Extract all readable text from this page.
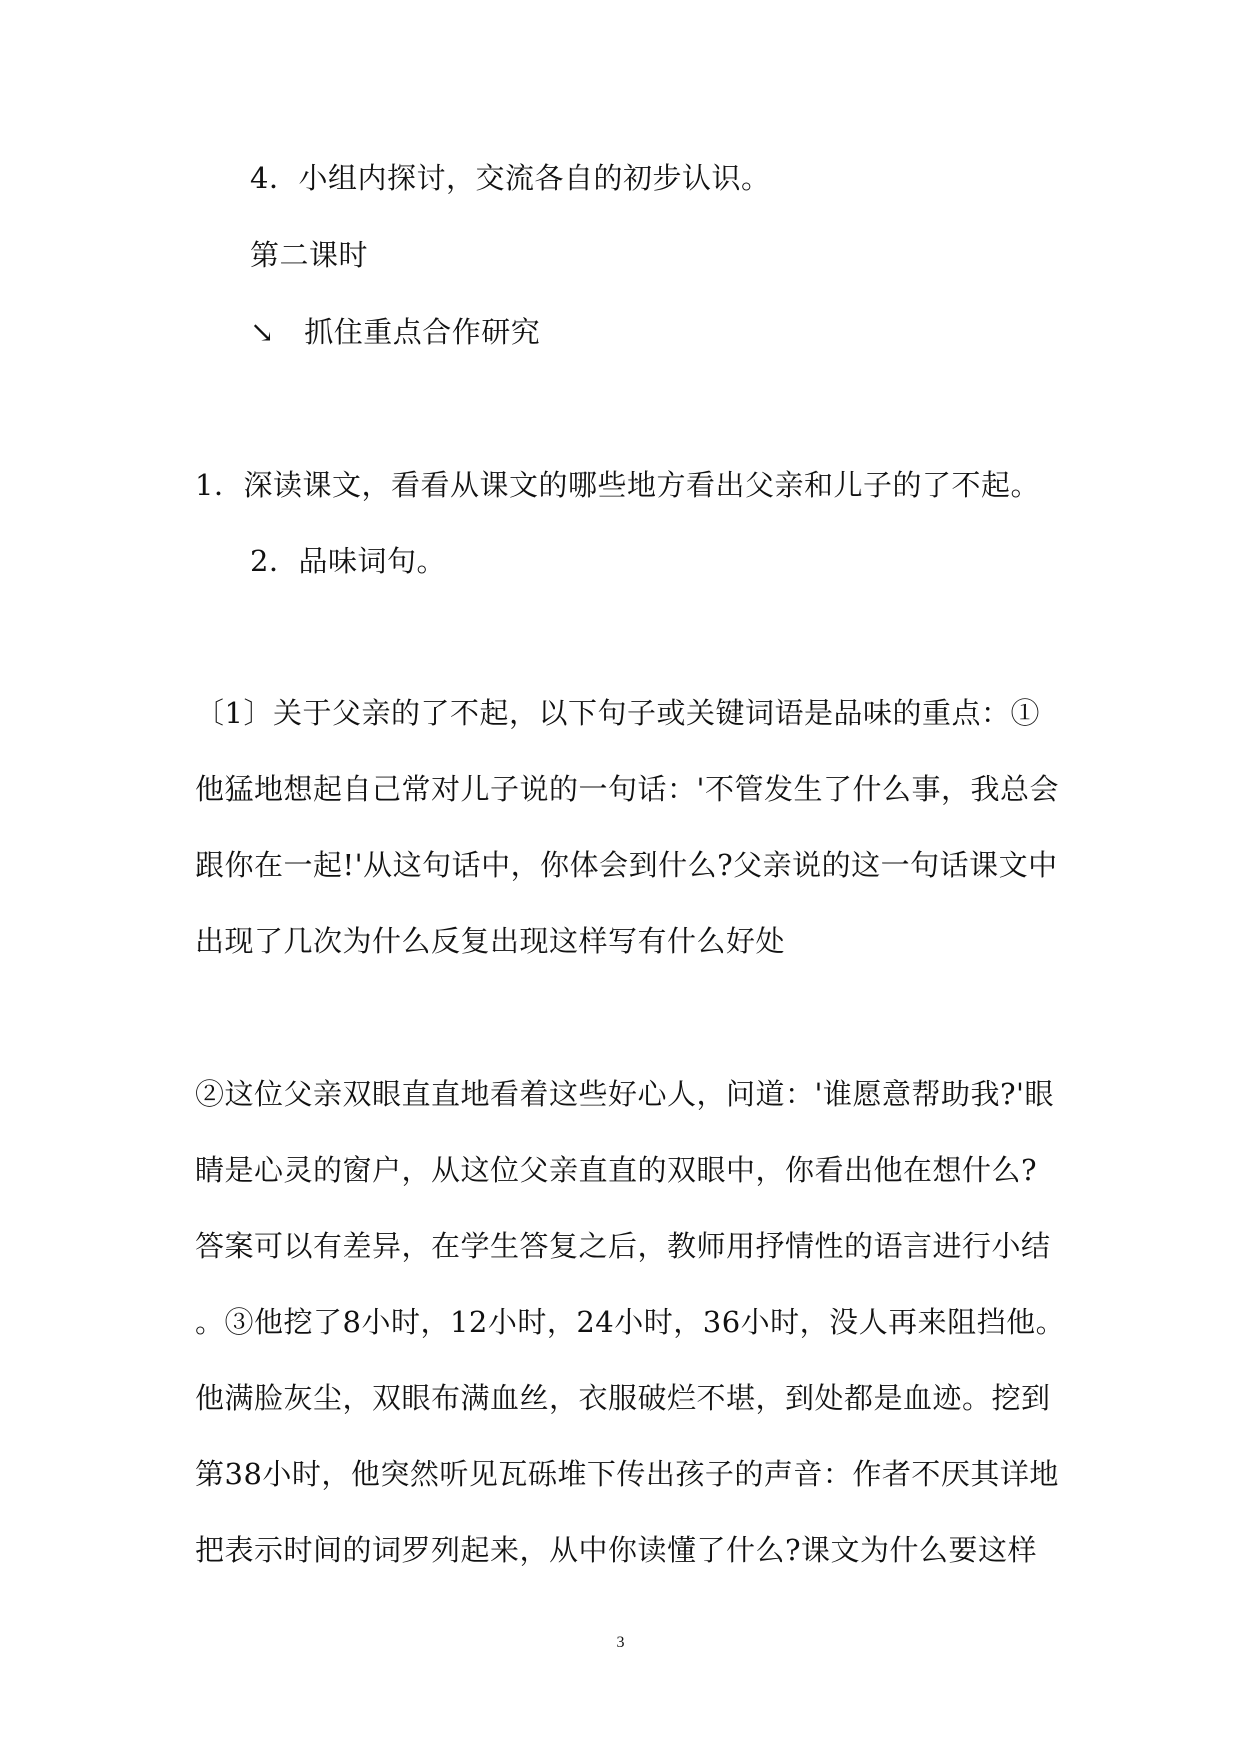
4．小组内探讨，交流各自的初步认识。
第二课时
↘　抓住重点合作研究
1．深读课文，看看从课文的哪些地方看出父亲和儿子的了不起。
2．品味词句。
〔1〕关于父亲的了不起，以下句子或关键词语是品味的重点：①
他猛地想起自己常对儿子说的一句话：'不管发生了什么事，我总会
跟你在一起!'从这句话中，你体会到什么?父亲说的这一句话课文中
出现了几次为什么反复出现这样写有什么好处
②这位父亲双眼直直地看着这些好心人，问道：'谁愿意帮助我?'眼
睛是心灵的窗户，从这位父亲直直的双眼中，你看出他在想什么?
答案可以有差异，在学生答复之后，教师用抒情性的语言进行小结
。③他挖了8小时，12小时，24小时，36小时，没人再来阻挡他。
他满脸灰尘，双眼布满血丝，衣服破烂不堪，到处都是血迹。挖到
第38小时，他突然听见瓦砾堆下传出孩子的声音：作者不厌其详地
把表示时间的词罗列起来，从中你读懂了什么?课文为什么要这样
3
